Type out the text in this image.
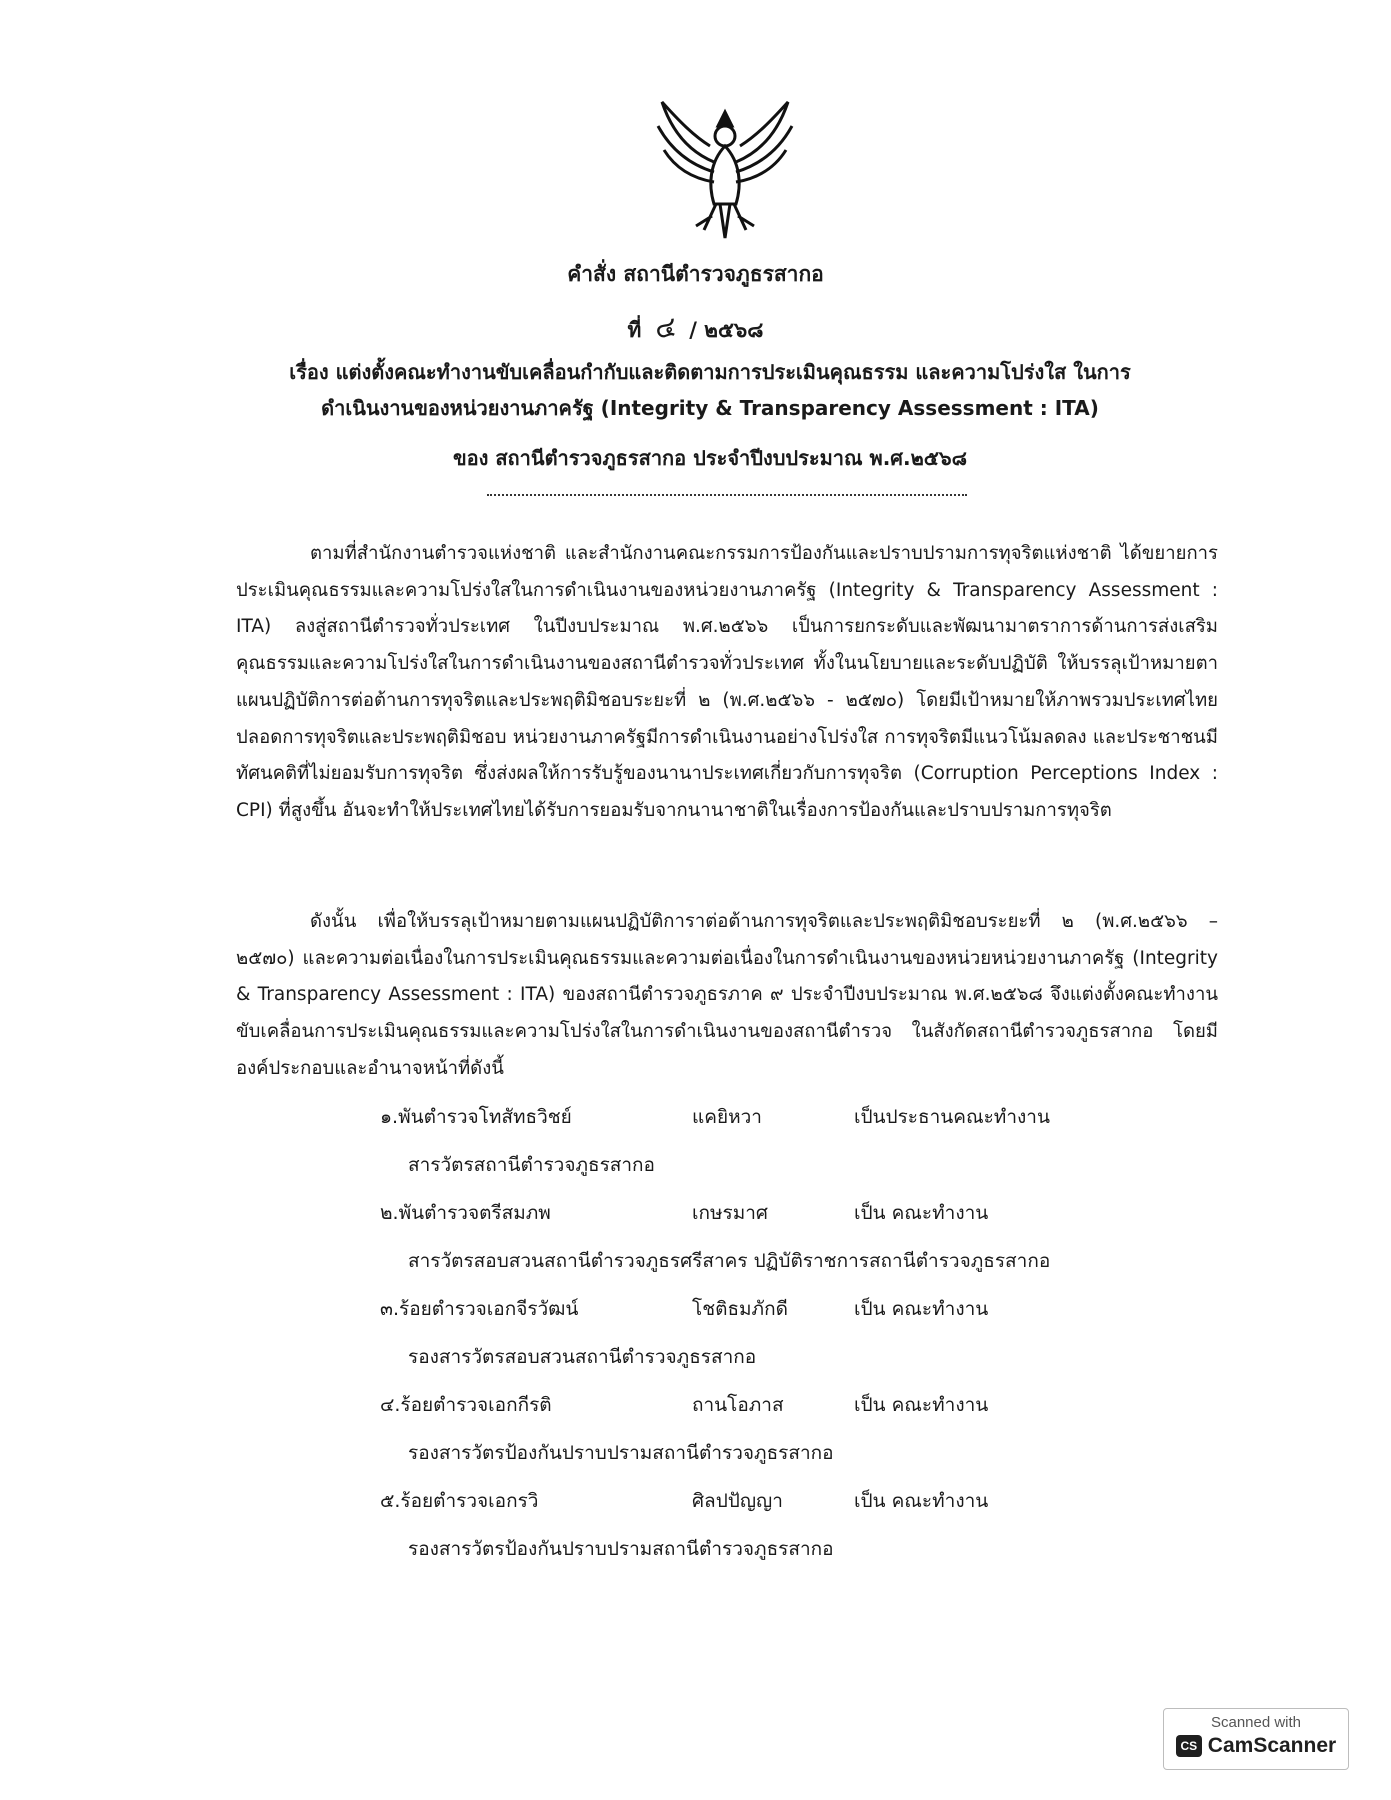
คำสั่ง สถานีตำรวจภูธรสากอ
ที่ ๔ / ๒๕๖๘
เรื่อง แต่งตั้งคณะทำงานขับเคลื่อนกำกับและติดตามการประเมินคุณธรรม และความโปร่งใส ในการ
ดำเนินงานของหน่วยงานภาครัฐ (Integrity & Transparency Assessment : ITA)
ของ สถานีตำรวจภูธรสากอ ประจำปีงบประมาณ พ.ศ.๒๕๖๘
ตามที่สำนักงานตำรวจแห่งชาติ และสำนักงานคณะกรรมการป้องกันและปราบปรามการทุจริตแห่งชาติ ได้ขยายการประเมินคุณธรรมและความโปร่งใสในการดำเนินงานของหน่วยงานภาครัฐ (Integrity & Transparency Assessment : ITA) ลงสู่สถานีตำรวจทั่วประเทศ ในปีงบประมาณ พ.ศ.๒๕๖๖ เป็นการยกระดับและพัฒนามาตราการด้านการส่งเสริมคุณธรรมและความโปร่งใสในการดำเนินงานของสถานีตำรวจทั่วประเทศ ทั้งในนโยบายและระดับปฏิบัติ ให้บรรลุเป้าหมายตาแผนปฏิบัติการต่อต้านการทุจริตและประพฤติมิชอบระยะที่ ๒ (พ.ศ.๒๕๖๖ - ๒๕๗๐) โดยมีเป้าหมายให้ภาพรวมประเทศไทยปลอดการทุจริตและประพฤติมิชอบ หน่วยงานภาครัฐมีการดำเนินงานอย่างโปร่งใส การทุจริตมีแนวโน้มลดลง และประชาชนมีทัศนคติที่ไม่ยอมรับการทุจริต ซึ่งส่งผลให้การรับรู้ของนานาประเทศเกี่ยวกับการทุจริต (Corruption Perceptions Index : CPI) ที่สูงขึ้น อันจะทำให้ประเทศไทยได้รับการยอมรับจากนานาชาติในเรื่องการป้องกันและปราบปรามการทุจริต
ดังนั้น เพื่อให้บรรลุเป้าหมายตามแผนปฏิบัติการาต่อต้านการทุจริตและประพฤติมิชอบระยะที่ ๒ (พ.ศ.๒๕๖๖ – ๒๕๗๐) และความต่อเนื่องในการประเมินคุณธรรมและความต่อเนื่องในการดำเนินงานของหน่วยหน่วยงานภาครัฐ (Integrity & Transparency Assessment : ITA) ของสถานีตำรวจภูธรภาค ๙ ประจำปีงบประมาณ พ.ศ.๒๕๖๘ จึงแต่งตั้งคณะทำงานขับเคลื่อนการประเมินคุณธรรมและความโปร่งใสในการดำเนินงานของสถานีตำรวจ ในสังกัดสถานีตำรวจภูธรสากอ โดยมีองค์ประกอบและอำนาจหน้าที่ดังนี้
๑.พันตำรวจโทสัทธวิชย์	แคยิหวา	เป็นประธานคณะทำงาน
สารวัตรสถานีตำรวจภูธรสากอ
๒.พันตำรวจตรีสมภพ	เกษรมาศ	เป็น คณะทำงาน
สารวัตรสอบสวนสถานีตำรวจภูธรศรีสาคร ปฏิบัติราชการสถานีตำรวจภูธรสากอ
๓.ร้อยตำรวจเอกจีรวัฒน์	โชติธมภักดี	เป็น คณะทำงาน
รองสารวัตรสอบสวนสถานีตำรวจภูธรสากอ
๔.ร้อยตำรวจเอกกีรติ	ถานโอภาส	เป็น คณะทำงาน
รองสารวัตรป้องกันปราบปรามสถานีตำรวจภูธรสากอ
๕.ร้อยตำรวจเอกรวิ	ศิลปปัญญา	เป็น คณะทำงาน
รองสารวัตรป้องกันปราบปรามสถานีตำรวจภูธรสากอ
Scanned with
CS CamScanner
